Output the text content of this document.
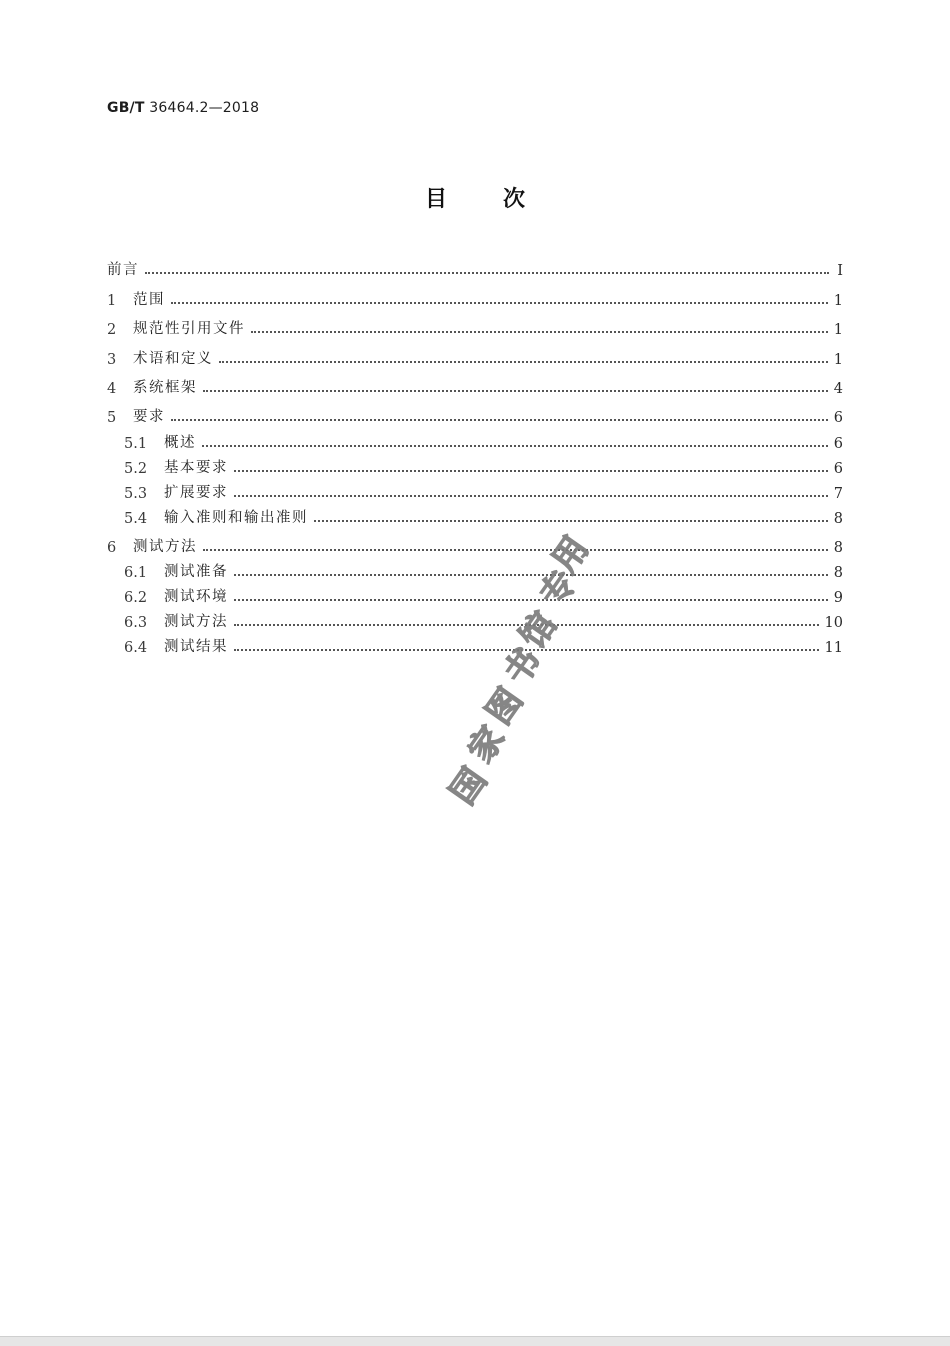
GB/T 36464.2—2018
目	次
前言	Ⅰ
1	范围	1
2	规范性引用文件	1
3	术语和定义	1
4	系统框架	4
5	要求	6
5.1	概述	6
5.2	基本要求	6
5.3	扩展要求	7
5.4	输入准则和输出准则	8
6	测试方法	8
6.1	测试准备	8
6.2	测试环境	9
6.3	测试方法	10
6.4	测试结果	11
用
专
馆
书
图
家
国
